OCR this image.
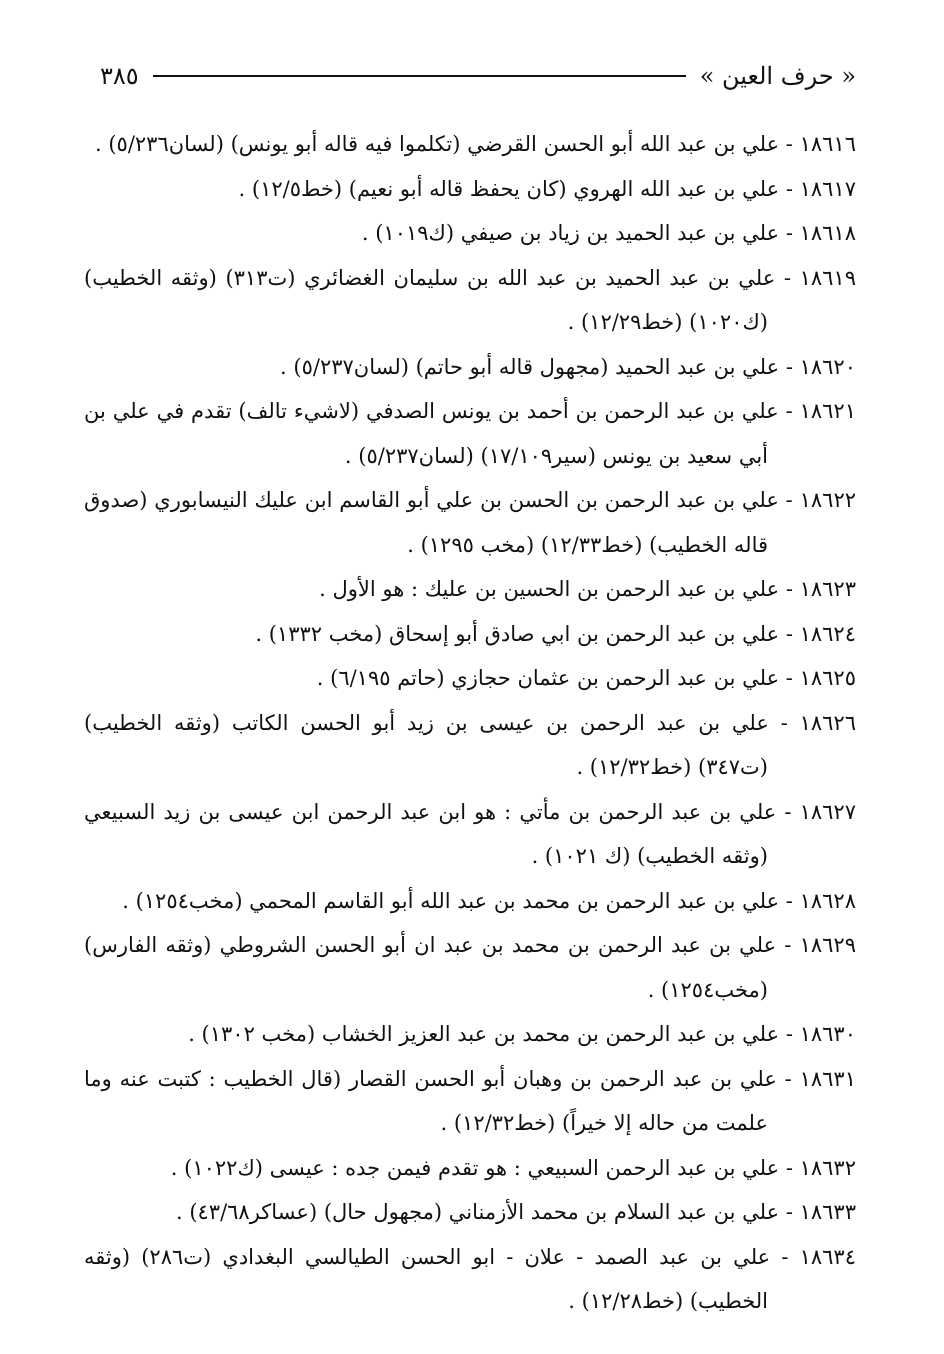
« حرف العين »
٣٨٥
١٨٦١٦ - علي بن عبد الله أبو الحسن القرضي (تكلموا فيه قاله أبو يونس) (لسان٥/٢٣٦) .
١٨٦١٧ - علي بن عبد الله الهروي (كان يحفظ قاله أبو نعيم) (خط١٢/٥) .
١٨٦١٨ - علي بن عبد الحميد بن زياد بن صيفي (ك١٠١٩) .
١٨٦١٩ - علي بن عبد الحميد بن عبد الله بن سليمان الغضائري (ت٣١٣) (وثقه الخطيب) (ك١٠٢٠) (خط١٢/٢٩) .
١٨٦٢٠ - علي بن عبد الحميد (مجهول قاله أبو حاتم) (لسان٥/٢٣٧) .
١٨٦٢١ - علي بن عبد الرحمن بن أحمد بن يونس الصدفي (لاشيء تالف) تقدم في علي بن أبي سعيد بن يونس (سير١٧/١٠٩) (لسان٥/٢٣٧) .
١٨٦٢٢ - علي بن عبد الرحمن بن الحسن بن علي أبو القاسم ابن عليك النيسابوري (صدوق قاله الخطيب) (خط١٢/٣٣) (مخب ١٢٩٥) .
١٨٦٢٣ - علي بن عبد الرحمن بن الحسين بن عليك : هو الأول .
١٨٦٢٤ - علي بن عبد الرحمن بن ابي صادق أبو إسحاق (مخب ١٣٣٢) .
١٨٦٢٥ - علي بن عبد الرحمن بن عثمان حجازي (حاتم ٦/١٩٥) .
١٨٦٢٦ - علي بن عبد الرحمن بن عيسى بن زيد أبو الحسن الكاتب (وثقه الخطيب) (ت٣٤٧) (خط١٢/٣٢) .
١٨٦٢٧ - علي بن عبد الرحمن بن مأتي : هو ابن عبد الرحمن ابن عيسى بن زيد السبيعي (وثقه الخطيب) (ك ١٠٢١) .
١٨٦٢٨ - علي بن عبد الرحمن بن محمد بن عبد الله أبو القاسم المحمي (مخب١٢٥٤) .
١٨٦٢٩ - علي بن عبد الرحمن بن محمد بن عبد ان أبو الحسن الشروطي (وثقه الفارس) (مخب١٢٥٤) .
١٨٦٣٠ - علي بن عبد الرحمن بن محمد بن عبد العزيز الخشاب (مخب ١٣٠٢) .
١٨٦٣١ - علي بن عبد الرحمن بن وهبان أبو الحسن القصار (قال الخطيب : كتبت عنه وما علمت من حاله إلا خيراً) (خط١٢/٣٢) .
١٨٦٣٢ - علي بن عبد الرحمن السبيعي : هو تقدم فيمن جده : عيسى (ك١٠٢٢) .
١٨٦٣٣ - علي بن عبد السلام بن محمد الأزمناني (مجهول حال) (عساكر٤٣/٦٨) .
١٨٦٣٤ - علي بن عبد الصمد - علان - ابو الحسن الطيالسي البغدادي (ت٢٨٦) (وثقه الخطيب) (خط١٢/٢٨) .
